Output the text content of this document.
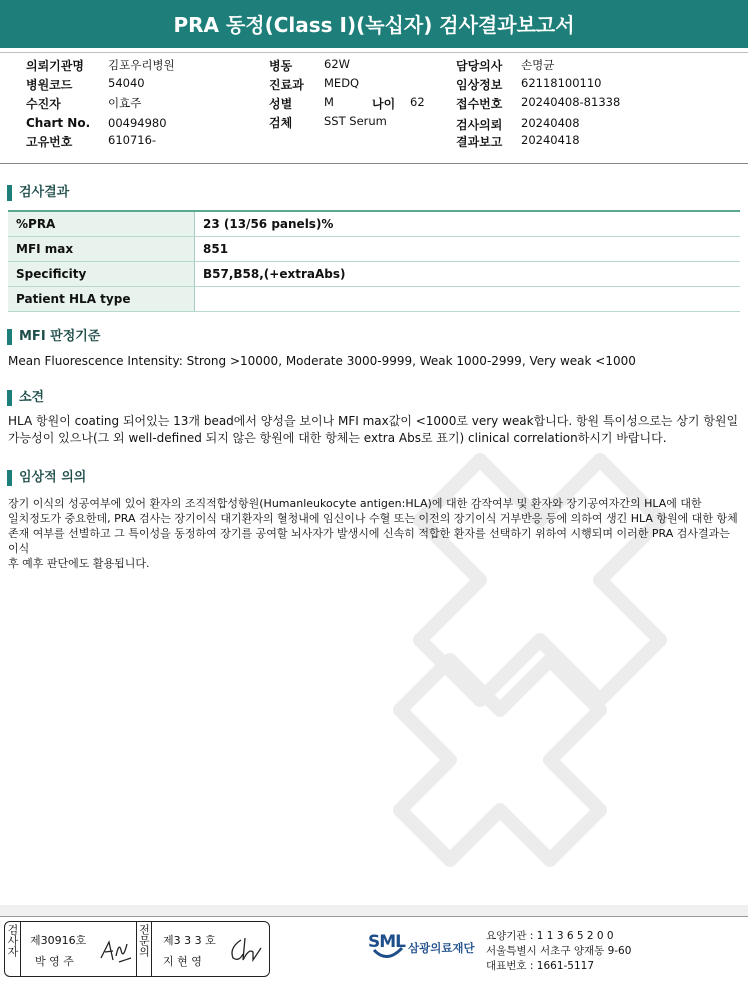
PRA 동정(Class I)(녹십자) 검사결과보고서
의뢰기관명 김포우리병원
병원코드	54040
수진자	이효주
Chart No. 00494980
고유번호	610716-
병동	62W
진료과 MEDQ
성별	M	나이 62
검체	SST Serum
담당의사 손명균
임상정보 62118100110
접수번호 20240408-81338
검사의뢰 20240408
결과보고 20240418
검사결과
%PRA	23 (13/56 panels)%
MFI max	851
Specificity	B57,B58,(+extraAbs)
Patient HLA type	
MFI 판정기준
Mean Fluorescence Intensity: Strong >10000, Moderate 3000-9999, Weak 1000-2999, Very weak <1000
소견
HLA 항원이 coating 되어있는 13개 bead에서 양성을 보이나 MFI max값이 <1000로 very weak합니다. 항원 특이성으로는 상기 항원일
가능성이 있으나(그 외 well-defined 되지 않은 항원에 대한 항체는 extra Abs로 표기) clinical correlation하시기 바랍니다.
임상적 의의
장기 이식의 성공여부에 있어 환자의 조직적합성항원(Humanleukocyte antigen:HLA)에 대한 감작여부 및 환자와 장기공여자간의 HLA에 대한
일치정도가 중요한데, PRA 검사는 장기이식 대기환자의 혈청내에 임신이나 수혈 또는 이전의 장기이식 거부반응 등에 의하여 생긴 HLA 항원에 대한 항체
존재 여부를 선별하고 그 특이성을 동정하여 장기를 공여할 뇌사자가 발생시에 신속히 적합한 환자를 선택하기 위하여 시행되며 이러한 PRA 검사결과는 이식
후 예후 판단에도 활용됩니다.
검사자 제30916호
박 영 주
전문의 제3 3 3 호
지 현 영
SML 삼광의료재단
요양기관 : 1 1 3 6 5 2 0 0
서울특별시 서초구 양재동 9-60
대표번호 : 1661-5117
